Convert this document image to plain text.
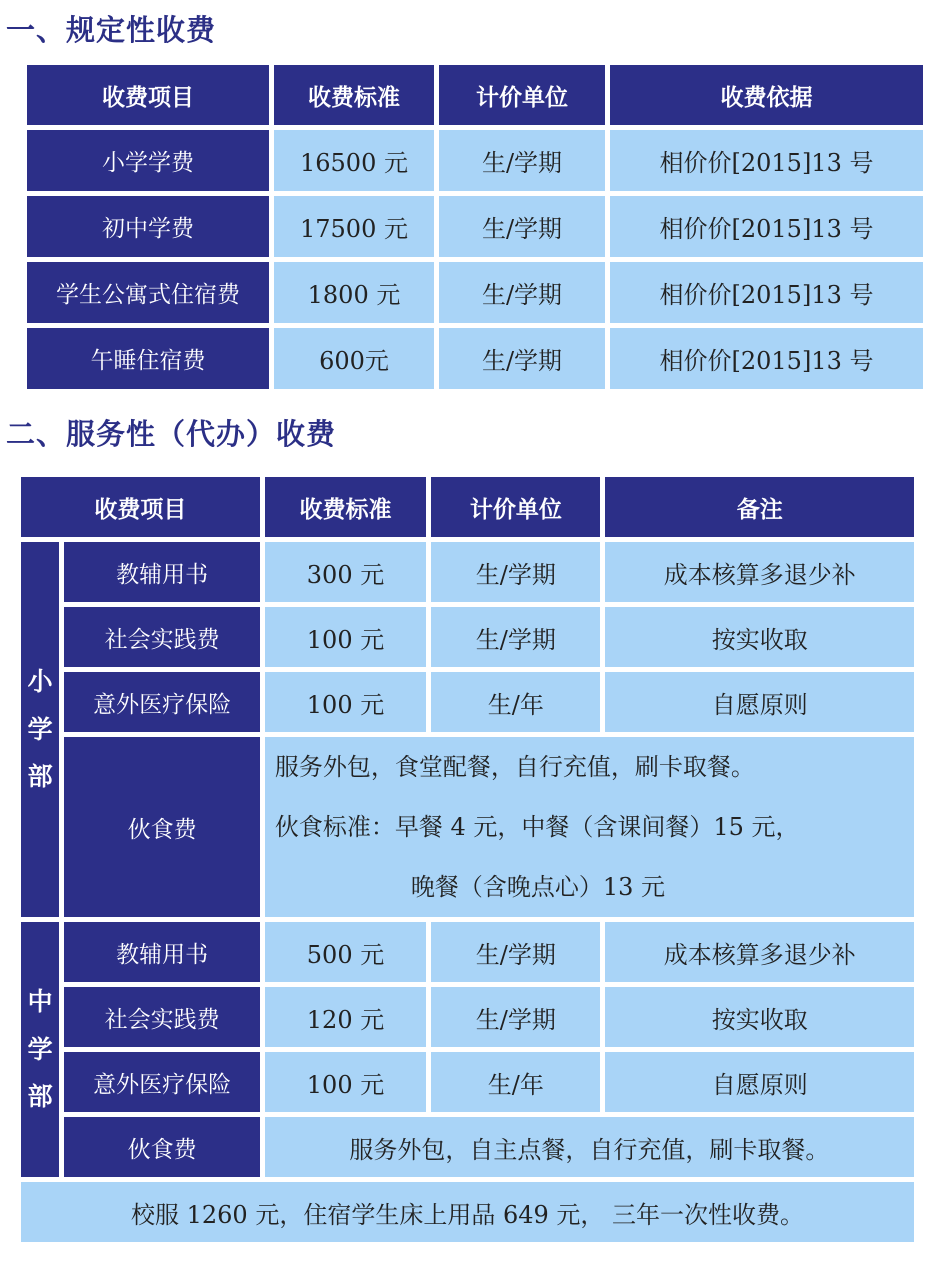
一、规定性收费
收费项目	收费标准	计价单位	收费依据
小学学费	16500 元	生/学期	相价价[2015]13 号
初中学费	17500 元	生/学期	相价价[2015]13 号
学生公寓式住宿费	1800 元	生/学期	相价价[2015]13 号
午睡住宿费	600元	生/学期	相价价[2015]13 号
二、服务性（代办）收费
收费项目		收费标准	计价单位	备注

小
学
部	教辅用书	300 元	生/学期	成本核算多退少补
	社会实践费	100 元	生/学期	按实收取
	意外医疗保险	100 元	生/年	自愿原则
	伙食费	服务外包，食堂配餐，自行充值，刷卡取餐。
伙食标准：早餐 4 元，中餐（含课间餐）15 元，
晚餐（含晚点心）13 元		

中
学
部	教辅用书	500 元	生/学期	成本核算多退少补
	社会实践费	120 元	生/学期	按实收取
	意外医疗保险	100 元	生/年	自愿原则
	伙食费	服务外包，自主点餐，自行充值，刷卡取餐。		
校服 1260 元，住宿学生床上用品 649 元， 三年一次性收费。				
